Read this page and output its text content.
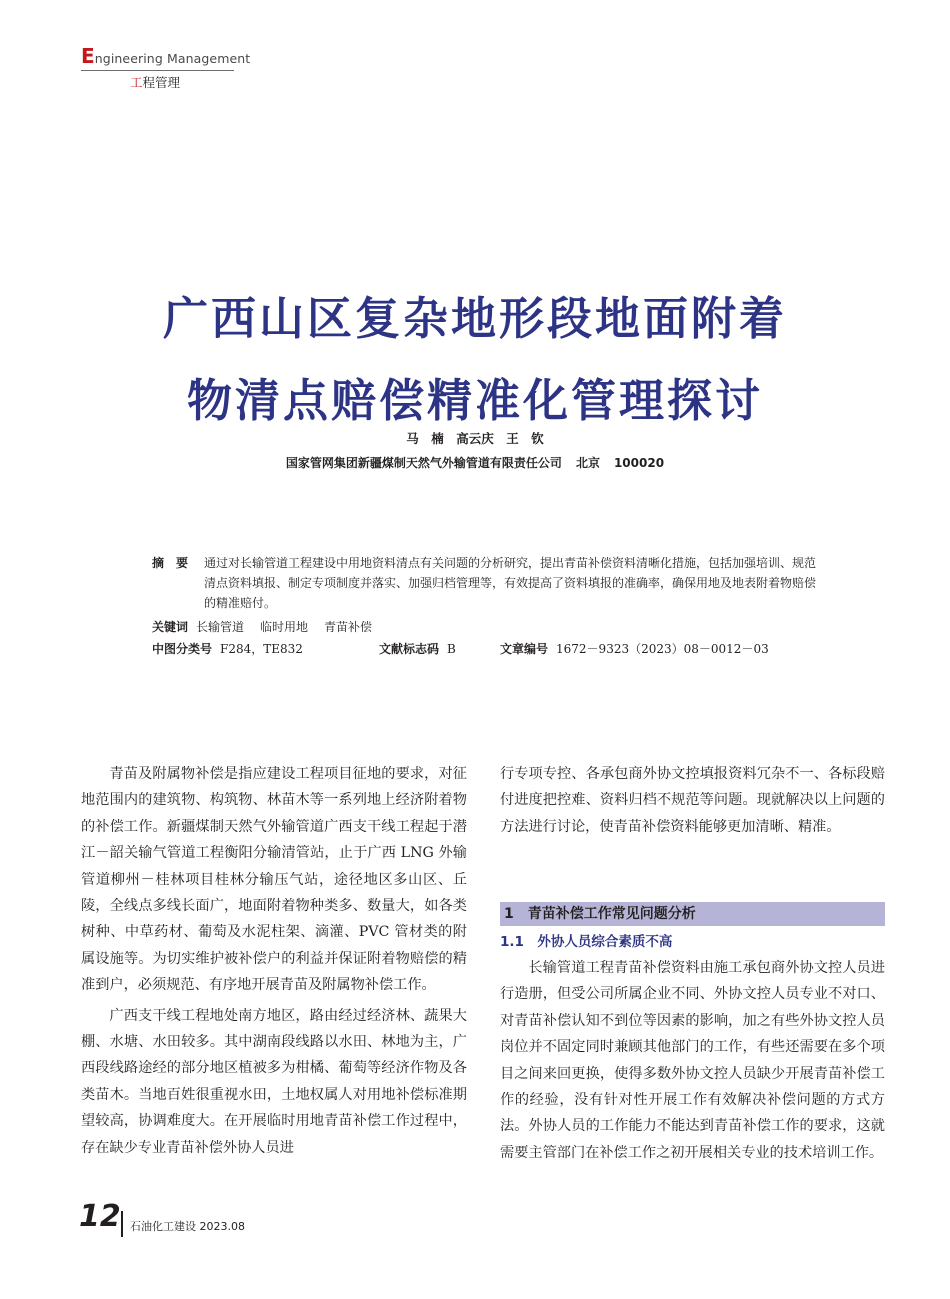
Engineering Management
工程管理
广西山区复杂地形段地面附着
物清点赔偿精准化管理探讨
马　楠　高云庆　王　钦
国家管网集团新疆煤制天然气外输管道有限责任公司 北京 100020
摘　要 通过对长输管道工程建设中用地资料清点有关问题的分析研究，提出青苗补偿资料清晰化措施，包括加强培训、规范清点资料填报、制定专项制度并落实、加强归档管理等，有效提高了资料填报的准确率，确保用地及地表附着物赔偿的精准赔付。
关键词 长输管道 临时用地 青苗补偿
中图分类号 F284，TE832	文献标志码 B	文章编号 1672－9323（2023）08－0012－03

青苗及附属物补偿是指应建设工程项目征地的要求，对征地范围内的建筑物、构筑物、林苗木等一系列地上经济附着物的补偿工作。新疆煤制天然气外输管道广西支干线工程起于潜江－韶关输气管道工程衡阳分输清管站，止于广西 LNG 外输管道柳州－桂林项目桂林分输压气站，途径地区多山区、丘陵，全线点多线长面广，地面附着物种类多、数量大，如各类树种、中草药材、葡萄及水泥柱架、滴灌、PVC 管材类的附属设施等。为切实维护被补偿户的利益并保证附着物赔偿的精准到户，必须规范、有序地开展青苗及附属物补偿工作。

广西支干线工程地处南方地区，路由经过经济林、蔬果大棚、水塘、水田较多。其中湖南段线路以水田、林地为主，广西段线路途经的部分地区植被多为柑橘、葡萄等经济作物及各类苗木。当地百姓很重视水田，土地权属人对用地补偿标准期望较高，协调难度大。在开展临时用地青苗补偿工作过程中，存在缺少专业青苗补偿外协人员进

行专项专控、各承包商外协文控填报资料冗杂不一、各标段赔付进度把控难、资料归档不规范等问题。现就解决以上问题的方法进行讨论，使青苗补偿资料能够更加清晰、精准。

1　青苗补偿工作常见问题分析
1.1　外协人员综合素质不高

长输管道工程青苗补偿资料由施工承包商外协文控人员进行造册，但受公司所属企业不同、外协文控人员专业不对口、对青苗补偿认知不到位等因素的影响，加之有些外协文控人员岗位并不固定同时兼顾其他部门的工作，有些还需要在多个项目之间来回更换，使得多数外协文控人员缺少开展青苗补偿工作的经验，没有针对性开展工作有效解决补偿问题的方式方法。外协人员的工作能力不能达到青苗补偿工作的要求，这就需要主管部门在补偿工作之初开展相关专业的技术培训工作。

12 石油化工建设 2023.08
